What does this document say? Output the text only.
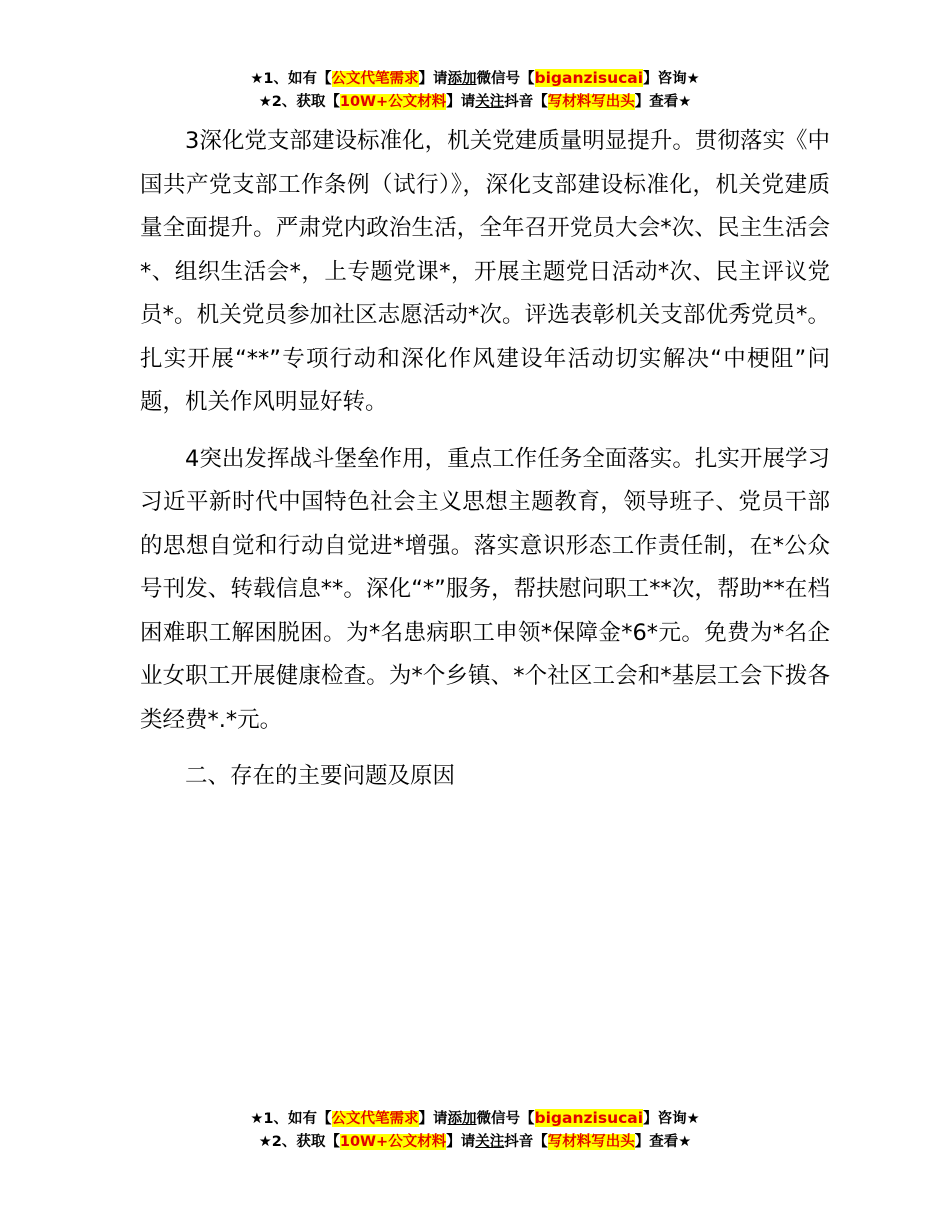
★1、如有【公文代笔需求】请添加微信号【biganzisucai】咨询★
★2、获取【10W+公文材料】请关注抖音【写材料写出头】查看★

3深化党支部建设标准化，机关党建质量明显提升。贯彻落实《中国共产党支部工作条例（试行）》，深化支部建设标准化，机关党建质量全面提升。严肃党内政治生活，全年召开党员大会*次、民主生活会*、组织生活会*，上专题党课*，开展主题党日活动*次、民主评议党员*。机关党员参加社区志愿活动*次。评选表彰机关支部优秀党员*。扎实开展“**”专项行动和深化作风建设年活动切实解决“中梗阻”问题，机关作风明显好转。

4突出发挥战斗堡垒作用，重点工作任务全面落实。扎实开展学习习近平新时代中国特色社会主义思想主题教育，领导班子、党员干部的思想自觉和行动自觉进*增强。落实意识形态工作责任制，在*公众号刊发、转载信息**。深化“*”服务，帮扶慰问职工**次，帮助**在档困难职工解困脱困。为*名患病职工申领*保障金*6*元。免费为*名企业女职工开展健康检查。为*个乡镇、*个社区工会和*基层工会下拨各类经费*.*元。

二、存在的主要问题及原因

★1、如有【公文代笔需求】请添加微信号【biganzisucai】咨询★
★2、获取【10W+公文材料】请关注抖音【写材料写出头】查看★
